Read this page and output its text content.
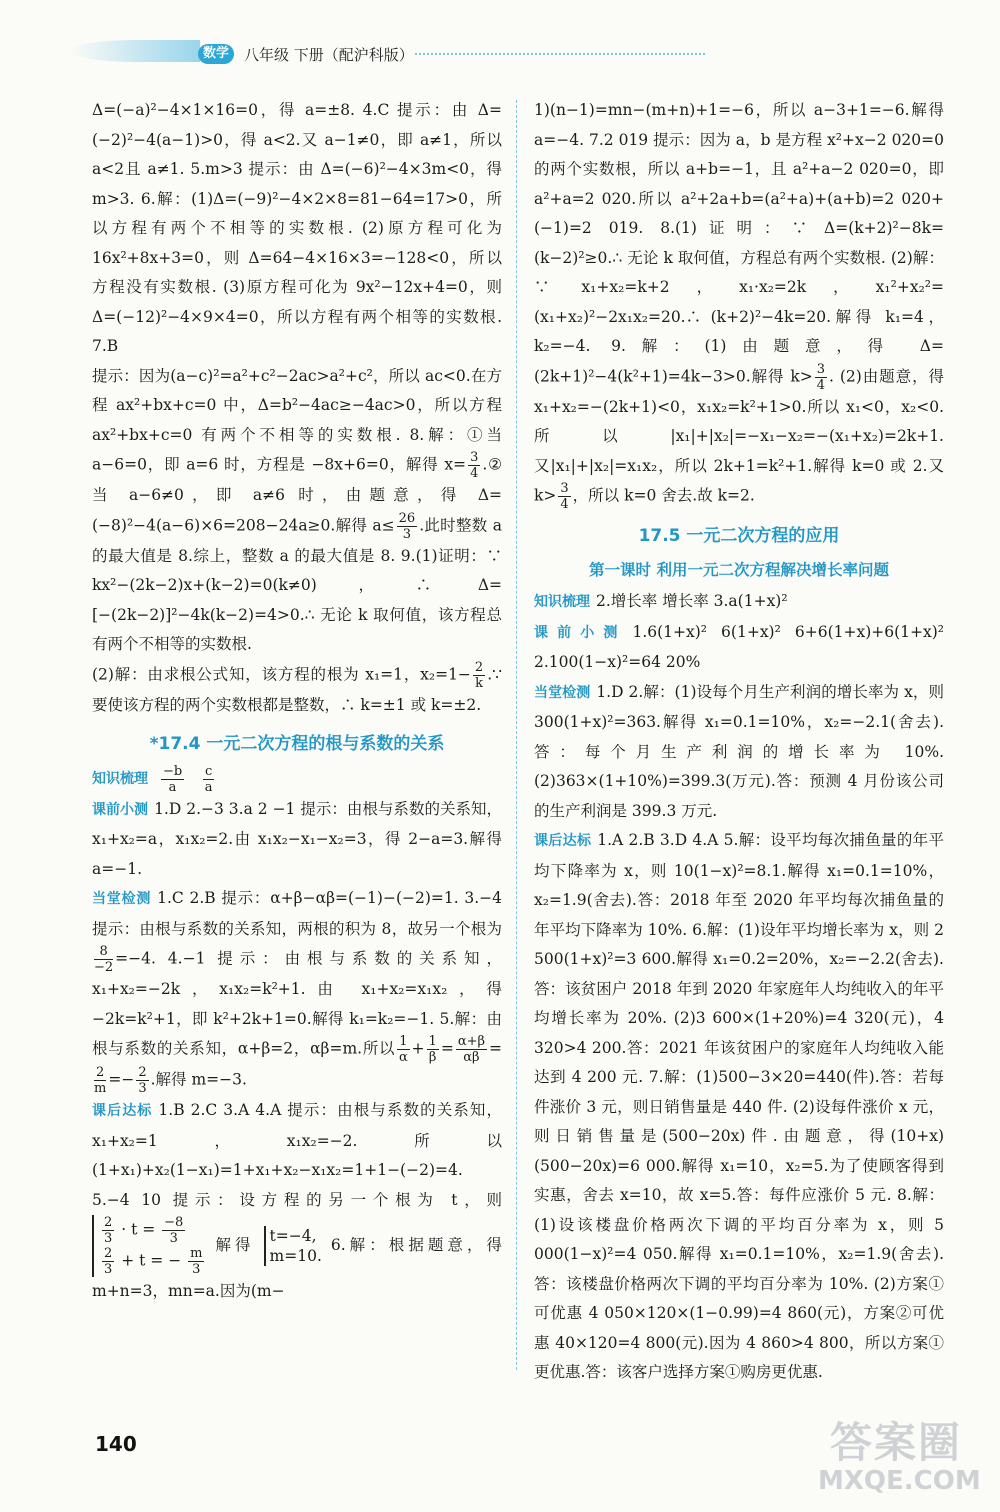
数学	八年级 下册（配沪科版）

Δ=(−a)²−4×1×16=0，得 a=±8. 4.C 提示：由 Δ=(−2)²−4(a−1)>0，得 a<2.又 a−1≠0，即 a≠1，所以 a<2且 a≠1. 5.m>3 提示：由 Δ=(−6)²−4×3m<0，得 m>3. 6.解：(1)Δ=(−9)²−4×2×8=81−64=17>0，所以方程有两个不相等的实数根. (2)原方程可化为16x²+8x+3=0，则 Δ=64−4×16×3=−128<0，所以方程没有实数根. (3)原方程可化为 9x²−12x+4=0，则 Δ=(−12)²−4×9×4=0，所以方程有两个相等的实数根. 7.B

提示：因为(a−c)²=a²+c²−2ac>a²+c²，所以 ac<0.在方程 ax²+bx+c=0 中，Δ=b²−4ac≥−4ac>0，所以方程 ax²+bx+c=0 有两个不相等的实数根. 8.解：①当 a−6=0，即 a=6 时，方程是 −8x+6=0，解得 $x= \frac{3}{4}$ .②当 a−6≠0，即 a≠6 时，由题意，得 Δ=(−8)²−4(a−6)×6=208−24a≥0.解得 $a\le \frac{26}{3}$ .此时整数 a 的最大值是 8.综上，整数 a 的最大值是 8. 9.(1)证明：∵ kx²−(2k−2)x+(k−2)=0(k≠0)，∴ Δ=[−(2k−2)]²−4k(k−2)=4>0.∴ 无论 k 取何值，该方程总有两个不相等的实数根.

(2)解：由求根公式知，该方程的根为 x₁=1，$x_2=1- \frac{2}{k}$ .∵ 要使该方程的两个实数根都是整数，∴ k=±1 或 k=±2.

*17.4 一元二次方程的根与系数的关系

知识梳理 $\frac{-b}{a}$
$\frac{c}{a}$

课前小测 1.D 2.−3 3.a 2 −1 提示：由根与系数的关系知，x₁+x₂=a，x₁x₂=2.由 x₁x₂−x₁−x₂=3，得 2−a=3.解得 a=−1.

当堂检测 1.C 2.B 提示：α+β−αβ=(−1)−(−2)=1. 3.−4 提示：由根与系数的关系知，两根的积为 8，故另一个根为
$\frac{8}{-2} =-4$. 4.−1 提示：由根与系数的关系知，x₁+x₂=−2k，x₁x₂=k²+1.由 x₁+x₂=x₁x₂，得 −2k=k²+1，即 k²+2k+1=0.解得 k₁=k₂=−1. 5.解：由根与系数的关系知，α+β=2，αβ=m.所以 $\frac{1}{\alpha} + \frac{1}{\beta} = \frac{\alpha+\beta}{\alpha\beta}$ =
$\frac{2}{m} =- \frac{2}{3}$ .解得 m=−3.

课后达标 1.B 2.C 3.A 4.A 提示：由根与系数的关系知，x₁+x₂=1，x₁x₂=−2.所以(1+x₁)+x₂(1−x₁)=1+x₁+x₂−x₁x₂=1+1−(−2)=4. 5.−4 10 提示：设方程的另一个根为 t，则
$\frac{2}{3} \cdot t = \frac{-8}{3}$
$\frac{2}{3} + t$ = − $\frac{m}{3}$
解得 t=−4,
m=10.
6.解：根据题意，得 m+n=3，mn=a.因为(m−

1)(n−1)=mn−(m+n)+1=−6，所以 a−3+1=−6.解得 a=−4. 7.2 019 提示：因为 a，b 是方程 x²+x−2 020=0 的两个实数根，所以 a+b=−1，且 a²+a−2 020=0，即 a²+a=2 020.所以 a²+2a+b=(a²+a)+(a+b)=2 020+(−1)=2 019. 8.(1)证明：∵ Δ=(k+2)²−8k=(k−2)²≥0.∴ 无论 k 取何值，方程总有两个实数根. (2)解：∵ x₁+x₂=k+2，x₁·x₂=2k，x₁²+x₂²=(x₁+x₂)²−2x₁x₂=20.∴ (k+2)²−4k=20.解得 k₁=4，k₂=−4. 9.解：(1)由题意，得 Δ=(2k+1)²−4(k²+1)=4k−3>0.解得 $k> \frac{3}{4}$ . (2)由题意，得 x₁+x₂=−(2k+1)<0，x₁x₂=k²+1>0.所以 x₁<0，x₂<0.所以|x₁|+|x₂|=−x₁−x₂=−(x₁+x₂)=2k+1.又|x₁|+|x₂|=x₁x₂，所以 2k+1=k²+1.解得 k=0 或 2.又 $k> \frac{3}{4}$ ，所以 k=0 舍去.故 k=2.

17.5 一元二次方程的应用
第一课时 利用一元二次方程解决增长率问题

知识梳理 2.增长率 增长率 3.a(1+x)²

课前小测 1.6(1+x)² 6(1+x)² 6+6(1+x)+6(1+x)² 2.100(1−x)²=64 20%

当堂检测 1.D 2.解：(1)设每个月生产利润的增长率为 x，则 300(1+x)²=363.解得 x₁=0.1=10%，x₂=−2.1(舍去).答：每个月生产利润的增长率为 10%. (2)363×(1+10%)=399.3(万元).答：预测 4 月份该公司的生产利润是 399.3 万元.

课后达标 1.A 2.B 3.D 4.A 5.解：设平均每次捕鱼量的年平均下降率为 x，则 10(1−x)²=8.1.解得 x₁=0.1=10%，x₂=1.9(舍去).答：2018 年至 2020 年平均每次捕鱼量的年平均下降率为 10%. 6.解：(1)设年平均增长率为 x，则 2 500(1+x)²=3 600.解得 x₁=0.2=20%，x₂=−2.2(舍去).答：该贫困户 2018 年到 2020 年家庭年人均纯收入的年平均增长率为 20%. (2)3 600×(1+20%)=4 320(元)，4 320>4 200.答：2021 年该贫困户的家庭年人均纯收入能达到 4 200 元. 7.解：(1)500−3×20=440(件).答：若每件涨价 3 元，则日销售量是 440 件. (2)设每件涨价 x 元，则日销售量是(500−20x)件.由题意，得(10+x)(500−20x)=6 000.解得 x₁=10，x₂=5.为了使顾客得到实惠，舍去 x=10，故 x=5.答：每件应涨价 5 元. 8.解：(1)设该楼盘价格两次下调的平均百分率为 x，则 5 000(1−x)²=4 050.解得 x₁=0.1=10%，x₂=1.9(舍去).答：该楼盘价格两次下调的平均百分率为 10%. (2)方案①可优惠 4 050×120×(1−0.99)=4 860(元)，方案②可优惠 40×120=4 800(元).因为 4 860>4 800，所以方案①更优惠.答：该客户选择方案①购房更优惠.

140	答案圈
MXQE.COM
